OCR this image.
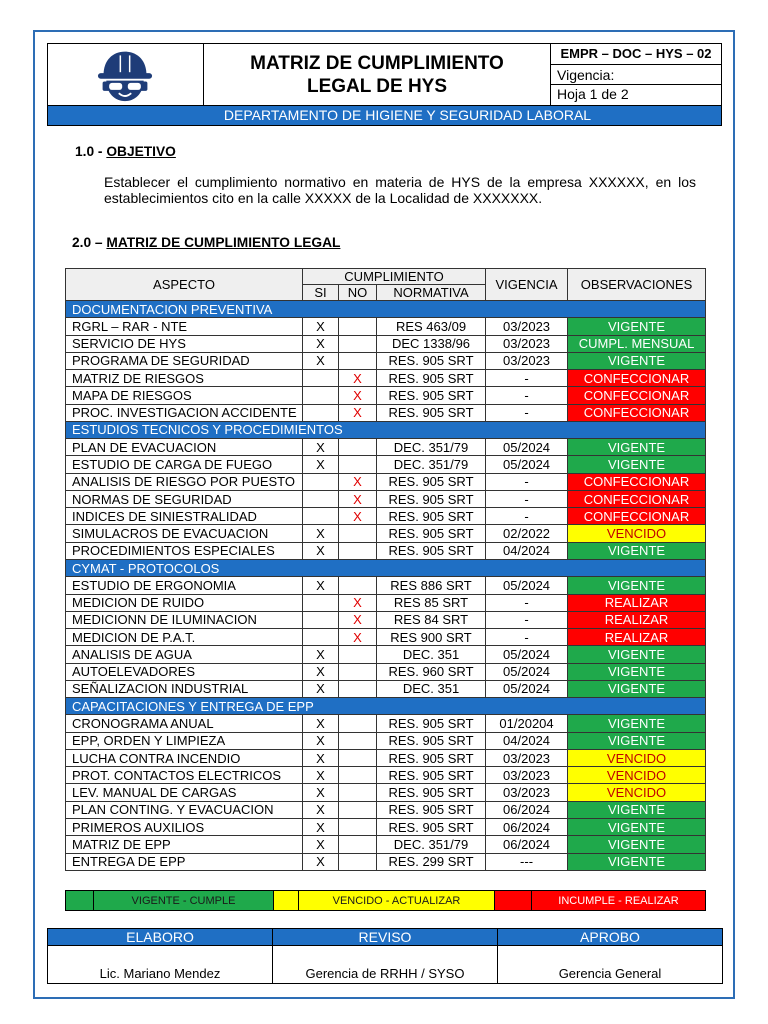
MATRIZ DE CUMPLIMIENTO
LEGAL DE HYS
EMPR – DOC – HYS – 02
Vigencia:
Hoja 1 de 2
DEPARTAMENTO DE HIGIENE Y SEGURIDAD LABORAL
1.0 - OBJETIVO
Establecer el cumplimiento normativo en materia de HYS de la empresa XXXXXX, en los establecimientos cito en la calle XXXXX de la Localidad de XXXXXXX.
2.0 – MATRIZ DE CUMPLIMIENTO LEGAL
ASPECTO	CUMPLIMIENTO			VIGENCIA	OBSERVACIONES
	SI	NO	NORMATIVA		
DOCUMENTACION PREVENTIVA					
RGRL – RAR - NTE	X		RES 463/09	03/2023	VIGENTE
SERVICIO DE HYS	X		DEC 1338/96	03/2023	CUMPL. MENSUAL
PROGRAMA DE SEGURIDAD	X		RES. 905 SRT	03/2023	VIGENTE
MATRIZ DE RIESGOS		X	RES. 905 SRT	-	CONFECCIONAR
MAPA DE RIESGOS		X	RES. 905 SRT	-	CONFECCIONAR
PROC. INVESTIGACION ACCIDENTE		X	RES. 905 SRT	-	CONFECCIONAR
ESTUDIOS TECNICOS Y PROCEDIMIENTOS					
PLAN DE EVACUACION	X		DEC. 351/79	05/2024	VIGENTE
ESTUDIO DE CARGA DE FUEGO	X		DEC. 351/79	05/2024	VIGENTE
ANALISIS DE RIESGO POR PUESTO		X	RES. 905 SRT	-	CONFECCIONAR
NORMAS DE SEGURIDAD		X	RES. 905 SRT	-	CONFECCIONAR
INDICES DE SINIESTRALIDAD		X	RES. 905 SRT	-	CONFECCIONAR
SIMULACROS DE EVACUACION	X		RES. 905 SRT	02/2022	VENCIDO
PROCEDIMIENTOS ESPECIALES	X		RES. 905 SRT	04/2024	VIGENTE
CYMAT - PROTOCOLOS					
ESTUDIO DE ERGONOMIA	X		RES 886 SRT	05/2024	VIGENTE
MEDICION DE RUIDO		X	RES 85 SRT	-	REALIZAR
MEDICIONN DE ILUMINACION		X	RES 84 SRT	-	REALIZAR
MEDICION DE P.A.T.		X	RES 900 SRT	-	REALIZAR
ANALISIS DE AGUA	X		DEC. 351	05/2024	VIGENTE
AUTOELEVADORES	X		RES. 960 SRT	05/2024	VIGENTE
SEÑALIZACION INDUSTRIAL	X		DEC. 351	05/2024	VIGENTE
CAPACITACIONES Y ENTREGA DE EPP					
CRONOGRAMA ANUAL	X		RES. 905 SRT	01/20204	VIGENTE
EPP, ORDEN Y LIMPIEZA	X		RES. 905 SRT	04/2024	VIGENTE
LUCHA CONTRA INCENDIO	X		RES. 905 SRT	03/2023	VENCIDO
PROT. CONTACTOS ELECTRICOS	X		RES. 905 SRT	03/2023	VENCIDO
LEV. MANUAL DE CARGAS	X		RES. 905 SRT	03/2023	VENCIDO
PLAN CONTING. Y EVACUACION	X		RES. 905 SRT	06/2024	VIGENTE
PRIMEROS AUXILIOS	X		RES. 905 SRT	06/2024	VIGENTE
MATRIZ DE EPP	X		DEC. 351/79	06/2024	VIGENTE
ENTREGA DE EPP	X		RES. 299 SRT	---	VIGENTE
	VIGENTE - CUMPLE		VENCIDO - ACTUALIZAR		INCUMPLE - REALIZAR
ELABORO	REVISO	APROBO
Lic. Mariano Mendez	Gerencia de RRHH / SYSO	Gerencia General
